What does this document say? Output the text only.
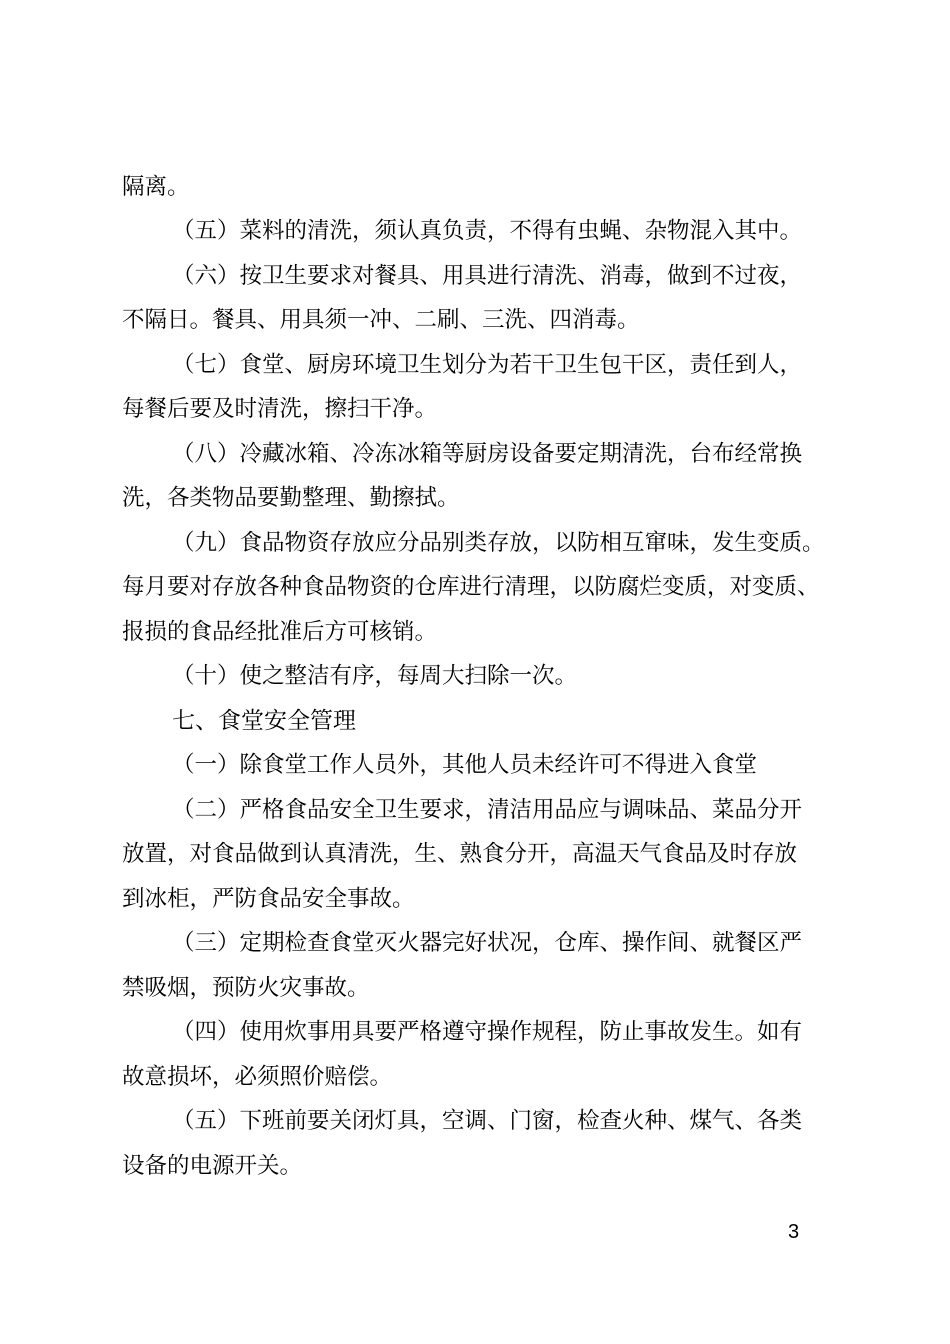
隔离。
（五）菜料的清洗，须认真负责，不得有虫蝇、杂物混入其中。
（六）按卫生要求对餐具、用具进行清洗、消毒，做到不过夜，
不隔日。餐具、用具须一冲、二刷、三洗、四消毒。
（七）食堂、厨房环境卫生划分为若干卫生包干区，责任到人，
每餐后要及时清洗，擦扫干净。
（八）冷藏冰箱、冷冻冰箱等厨房设备要定期清洗，台布经常换
洗，各类物品要勤整理、勤擦拭。
（九）食品物资存放应分品别类存放，以防相互窜味，发生变质。
每月要对存放各种食品物资的仓库进行清理，以防腐烂变质，对变质、
报损的食品经批准后方可核销。
（十）使之整洁有序，每周大扫除一次。
七、食堂安全管理
（一）除食堂工作人员外，其他人员未经许可不得进入食堂
（二）严格食品安全卫生要求，清洁用品应与调味品、菜品分开
放置，对食品做到认真清洗，生、熟食分开，高温天气食品及时存放
到冰柜，严防食品安全事故。
（三）定期检查食堂灭火器完好状况，仓库、操作间、就餐区严
禁吸烟，预防火灾事故。
（四）使用炊事用具要严格遵守操作规程，防止事故发生。如有
故意损坏，必须照价赔偿。
（五）下班前要关闭灯具，空调、门窗，检查火种、煤气、各类
设备的电源开关。
3
